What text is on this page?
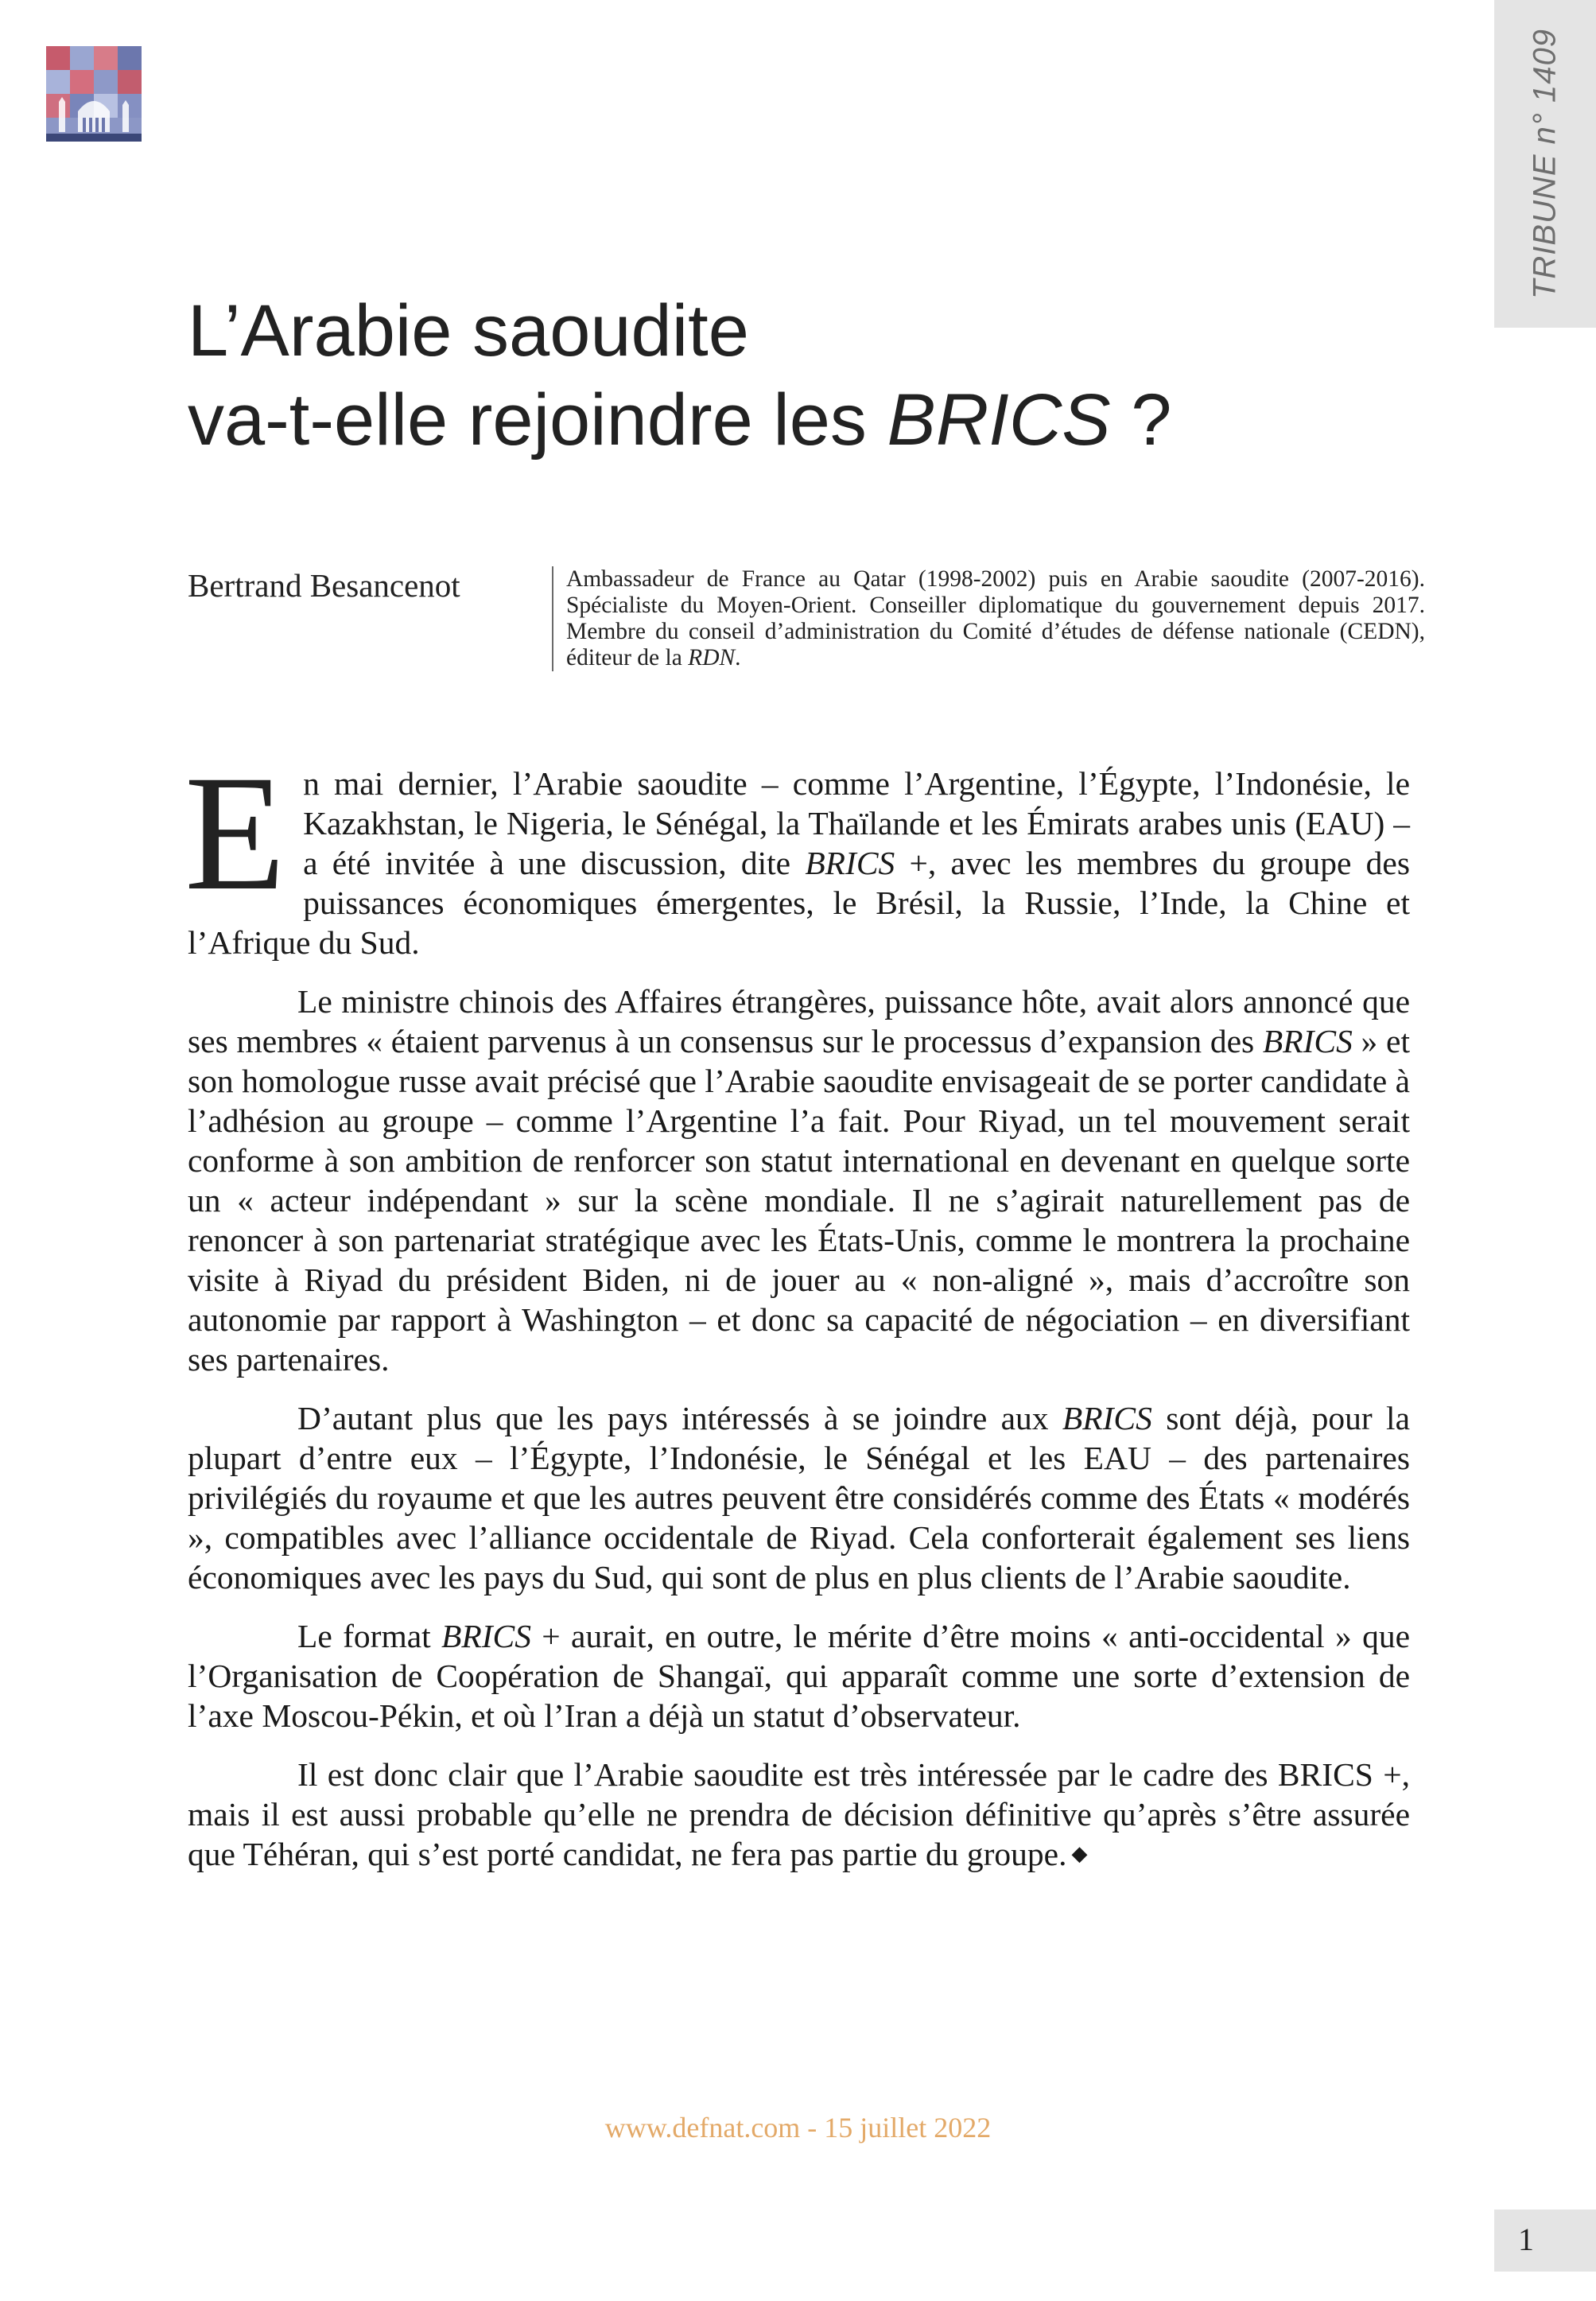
TRIBUNE n° 1409
L’Arabie saoudite
va-t-elle rejoindre les BRICS ?
Bertrand Besancenot	Ambassadeur de France au Qatar (1998-2002) puis en Arabie saoudite (2007-2016). Spécialiste du Moyen-Orient. Conseiller diplomatique du gouvernement depuis 2017. Membre du conseil d’administration du Comité d’études de défense nationale (CEDN), éditeur de la RDN.

En mai dernier, l’Arabie saoudite – comme l’Argentine, l’Égypte, l’Indonésie, le Kazakhstan, le Nigeria, le Sénégal, la Thaïlande et les Émirats arabes unis (EAU) – a été invitée à une discussion, dite BRICS +, avec les membres du groupe des puissances économiques émergentes, le Brésil, la Russie, l’Inde, la Chine et l’Afrique du Sud.

Le ministre chinois des Affaires étrangères, puissance hôte, avait alors annoncé que ses membres « étaient parvenus à un consensus sur le processus d’expansion des BRICS » et son homologue russe avait précisé que l’Arabie saoudite envisageait de se porter candidate à l’adhésion au groupe – comme l’Argentine l’a fait. Pour Riyad, un tel mouvement serait conforme à son ambition de renforcer son statut international en devenant en quelque sorte un « acteur indépendant » sur la scène mondiale. Il ne s’agirait naturellement pas de renoncer à son partenariat stratégique avec les États-Unis, comme le montrera la prochaine visite à Riyad du président Biden, ni de jouer au « non-aligné », mais d’accroître son autonomie par rapport à Washington – et donc sa capacité de négociation – en diversifiant ses partenaires.

D’autant plus que les pays intéressés à se joindre aux BRICS sont déjà, pour la plupart d’entre eux – l’Égypte, l’Indonésie, le Sénégal et les EAU – des partenaires privilégiés du royaume et que les autres peuvent être considérés comme des États « modérés », compatibles avec l’alliance occidentale de Riyad. Cela conforterait également ses liens économiques avec les pays du Sud, qui sont de plus en plus clients de l’Arabie saoudite.

Le format BRICS + aurait, en outre, le mérite d’être moins « anti-occidental » que l’Organisation de Coopération de Shangaï, qui apparaît comme une sorte d’extension de l’axe Moscou-Pékin, et où l’Iran a déjà un statut d’observateur.

Il est donc clair que l’Arabie saoudite est très intéressée par le cadre des BRICS +, mais il est aussi probable qu’elle ne prendra de décision définitive qu’après s’être assurée que Téhéran, qui s’est porté candidat, ne fera pas partie du groupe. ◆

www.defnat.com - 15 juillet 2022
1
